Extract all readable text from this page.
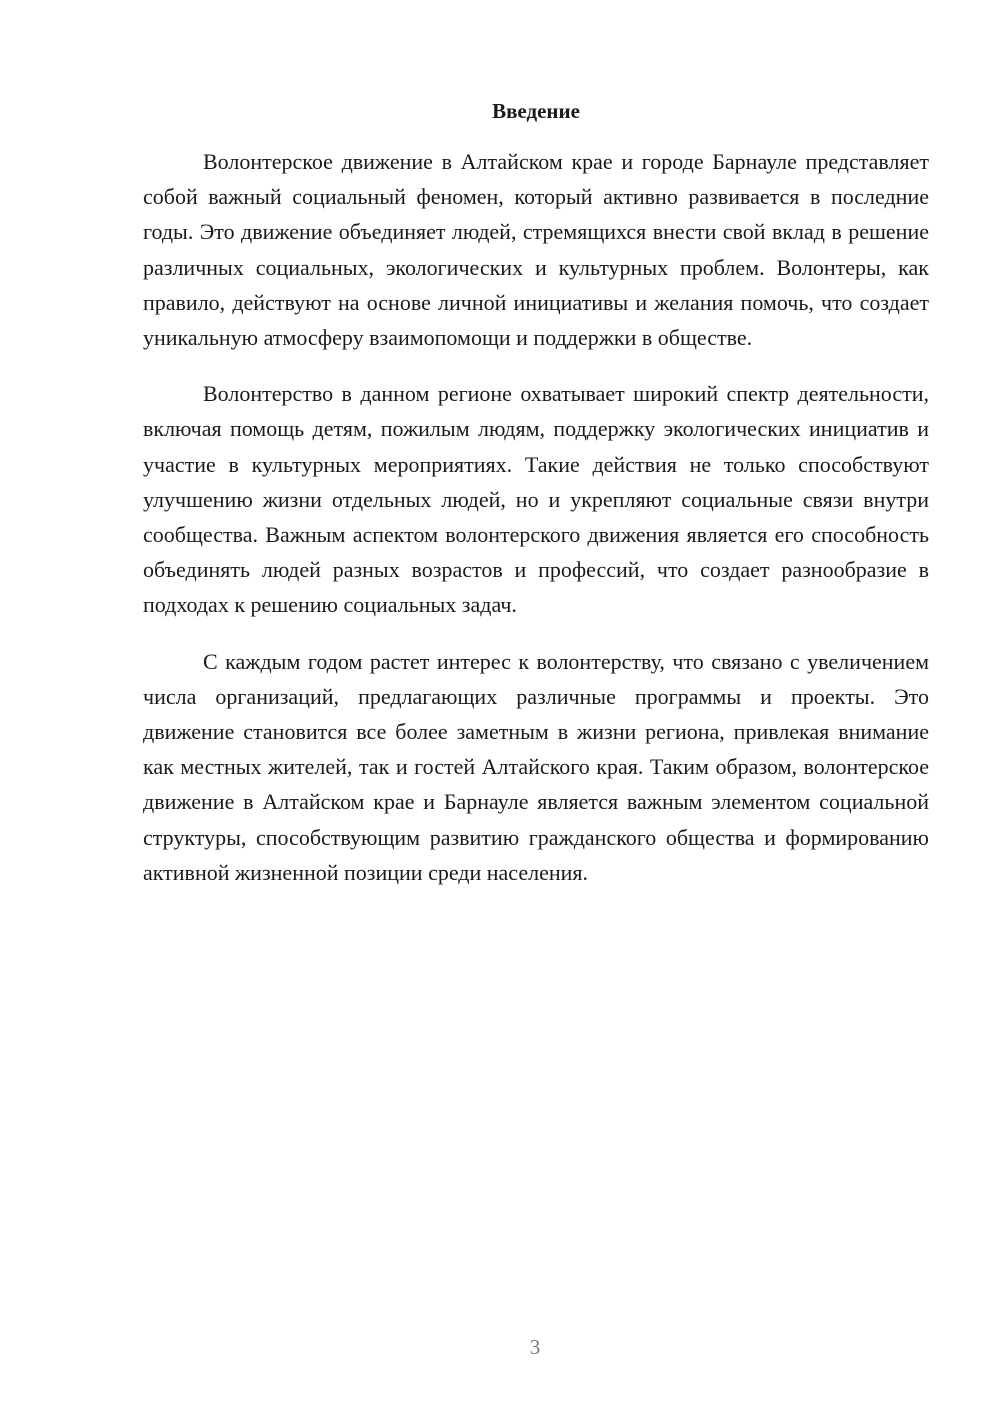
Введение

Волонтерское движение в Алтайском крае и городе Барнауле представляет собой важный социальный феномен, который активно развивается в последние годы. Это движение объединяет людей, стремящихся внести свой вклад в решение различных социальных, экологических и культурных проблем. Волонтеры, как правило, действуют на основе личной инициативы и желания помочь, что создает уникальную атмосферу взаимопомощи и поддержки в обществе.

Волонтерство в данном регионе охватывает широкий спектр деятельности, включая помощь детям, пожилым людям, поддержку экологических инициатив и участие в культурных мероприятиях. Такие действия не только способствуют улучшению жизни отдельных людей, но и укрепляют социальные связи внутри сообщества. Важным аспектом волонтерского движения является его способность объединять людей разных возрастов и профессий, что создает разнообразие в подходах к решению социальных задач.

С каждым годом растет интерес к волонтерству, что связано с увеличением числа организаций, предлагающих различные программы и проекты. Это движение становится все более заметным в жизни региона, привлекая внимание как местных жителей, так и гостей Алтайского края. Таким образом, волонтерское движение в Алтайском крае и Барнауле является важным элементом социальной структуры, способствующим развитию гражданского общества и формированию активной жизненной позиции среди населения.

3
